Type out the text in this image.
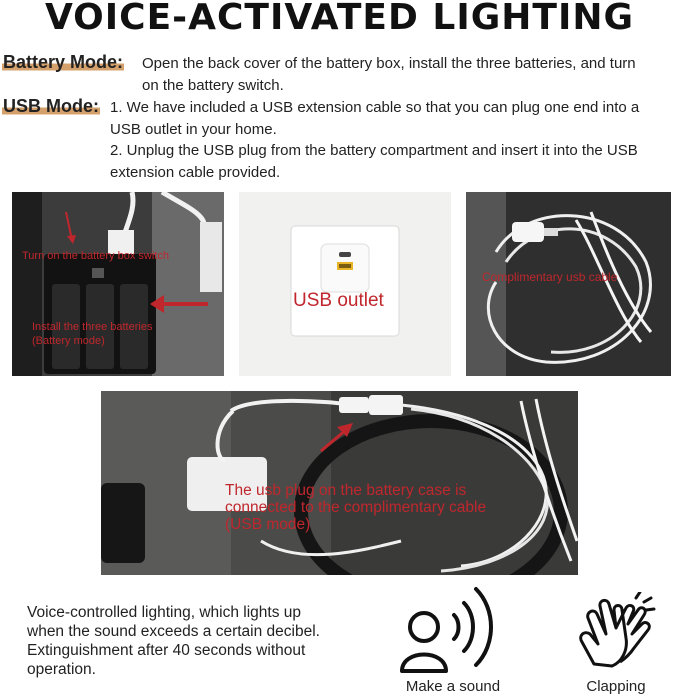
VOICE-ACTIVATED LIGHTING
Battery Mode: Open the back cover of the battery box, install the three batteries, and turn
on the battery switch.
USB Mode: 1. We have included a USB extension cable so that you can plug one end into a
USB outlet in your home.
2. Unplug the USB plug from the battery compartment and insert it into the USB
extension cable provided.
Turn on the battery box switch
Install the three batteries
(Battery mode)
USB outlet
Complimentary usb cable
The usb plug on the battery case is
connected to the complimentary cable
(USB mode)
Voice-controlled lighting, which lights up
when the sound exceeds a certain decibel.
Extinguishment after 40 seconds without
operation.
Make a sound	Clapping
